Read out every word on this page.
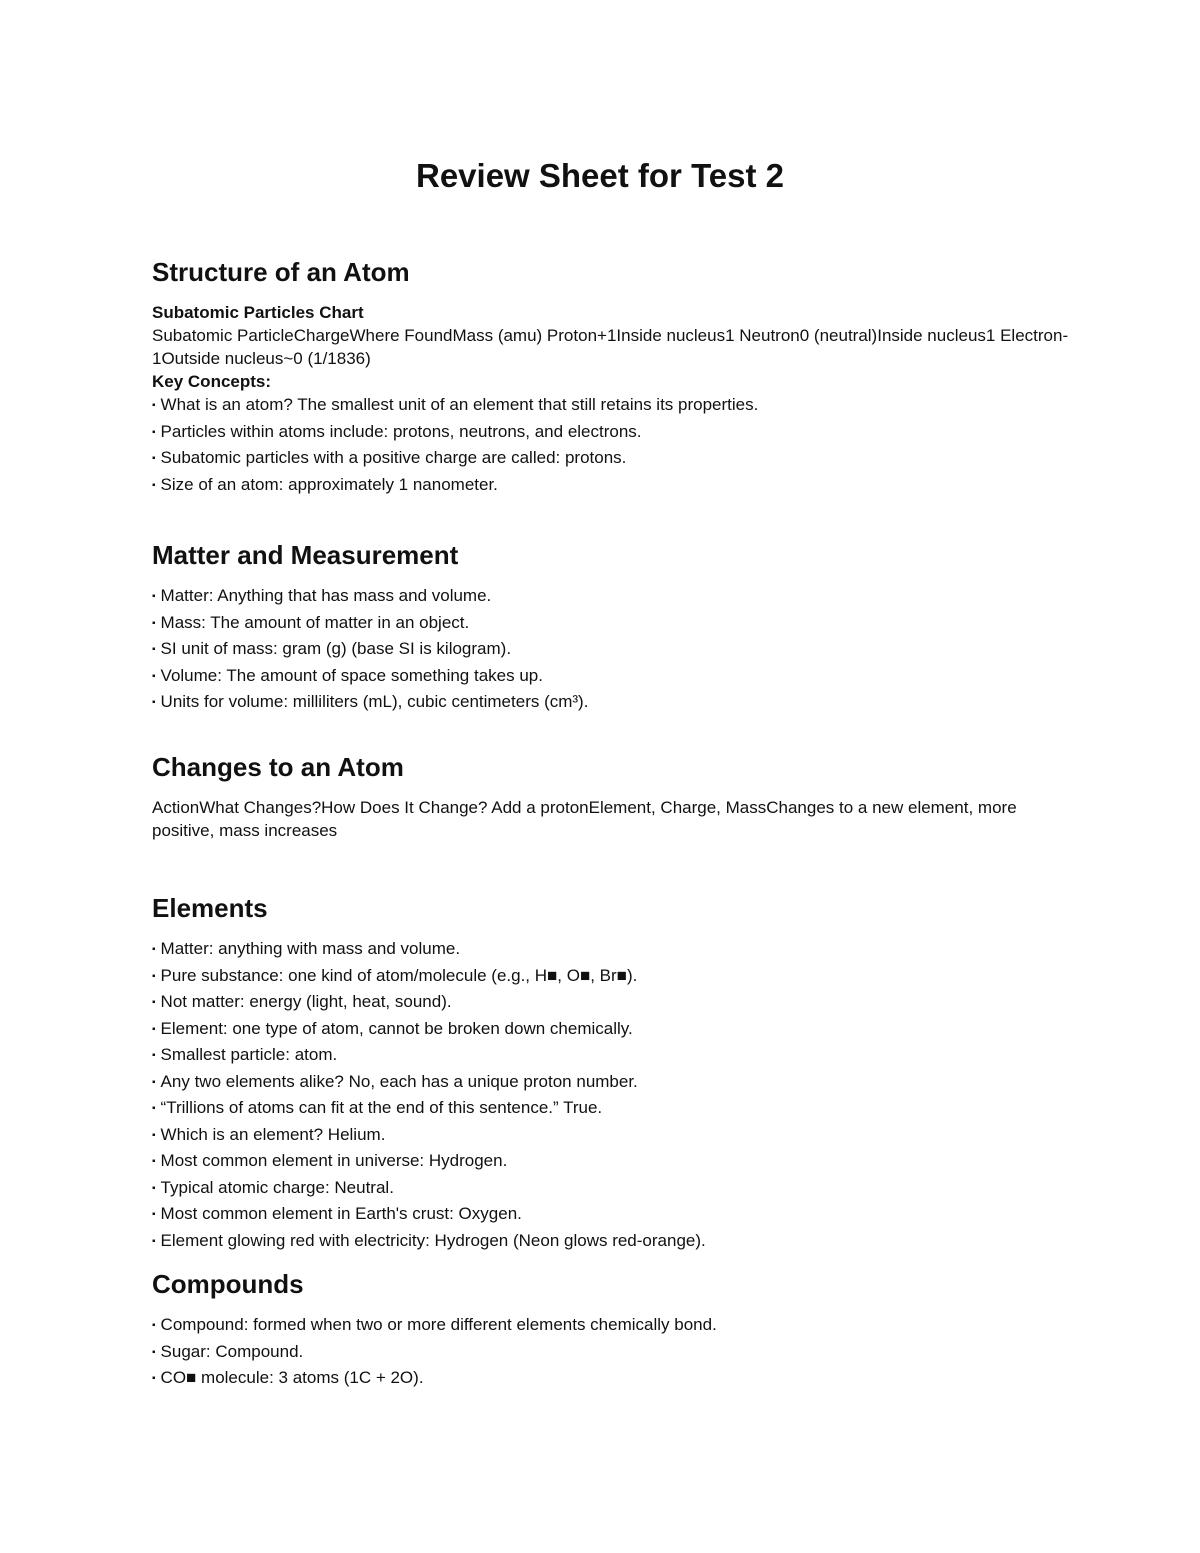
Review Sheet for Test 2
Structure of an Atom
Subatomic Particles Chart
Subatomic ParticleChargeWhere FoundMass (amu) Proton+1Inside nucleus1 Neutron0 (neutral)Inside nucleus1 Electron-1Outside nucleus~0 (1/1836)
Key Concepts:
▪ What is an atom? The smallest unit of an element that still retains its properties.
▪ Particles within atoms include: protons, neutrons, and electrons.
▪ Subatomic particles with a positive charge are called: protons.
▪ Size of an atom: approximately 1 nanometer.
Matter and Measurement
▪ Matter: Anything that has mass and volume.
▪ Mass: The amount of matter in an object.
▪ SI unit of mass: gram (g) (base SI is kilogram).
▪ Volume: The amount of space something takes up.
▪ Units for volume: milliliters (mL), cubic centimeters (cm³).
Changes to an Atom
ActionWhat Changes?How Does It Change? Add a protonElement, Charge, MassChanges to a new element, more positive, mass increases
Elements
▪ Matter: anything with mass and volume.
▪ Pure substance: one kind of atom/molecule (e.g., H■, O■, Br■).
▪ Not matter: energy (light, heat, sound).
▪ Element: one type of atom, cannot be broken down chemically.
▪ Smallest particle: atom.
▪ Any two elements alike? No, each has a unique proton number.
▪ “Trillions of atoms can fit at the end of this sentence.” True.
▪ Which is an element? Helium.
▪ Most common element in universe: Hydrogen.
▪ Typical atomic charge: Neutral.
▪ Most common element in Earth's crust: Oxygen.
▪ Element glowing red with electricity: Hydrogen (Neon glows red-orange).
Compounds
▪ Compound: formed when two or more different elements chemically bond.
▪ Sugar: Compound.
▪ CO■ molecule: 3 atoms (1C + 2O).
